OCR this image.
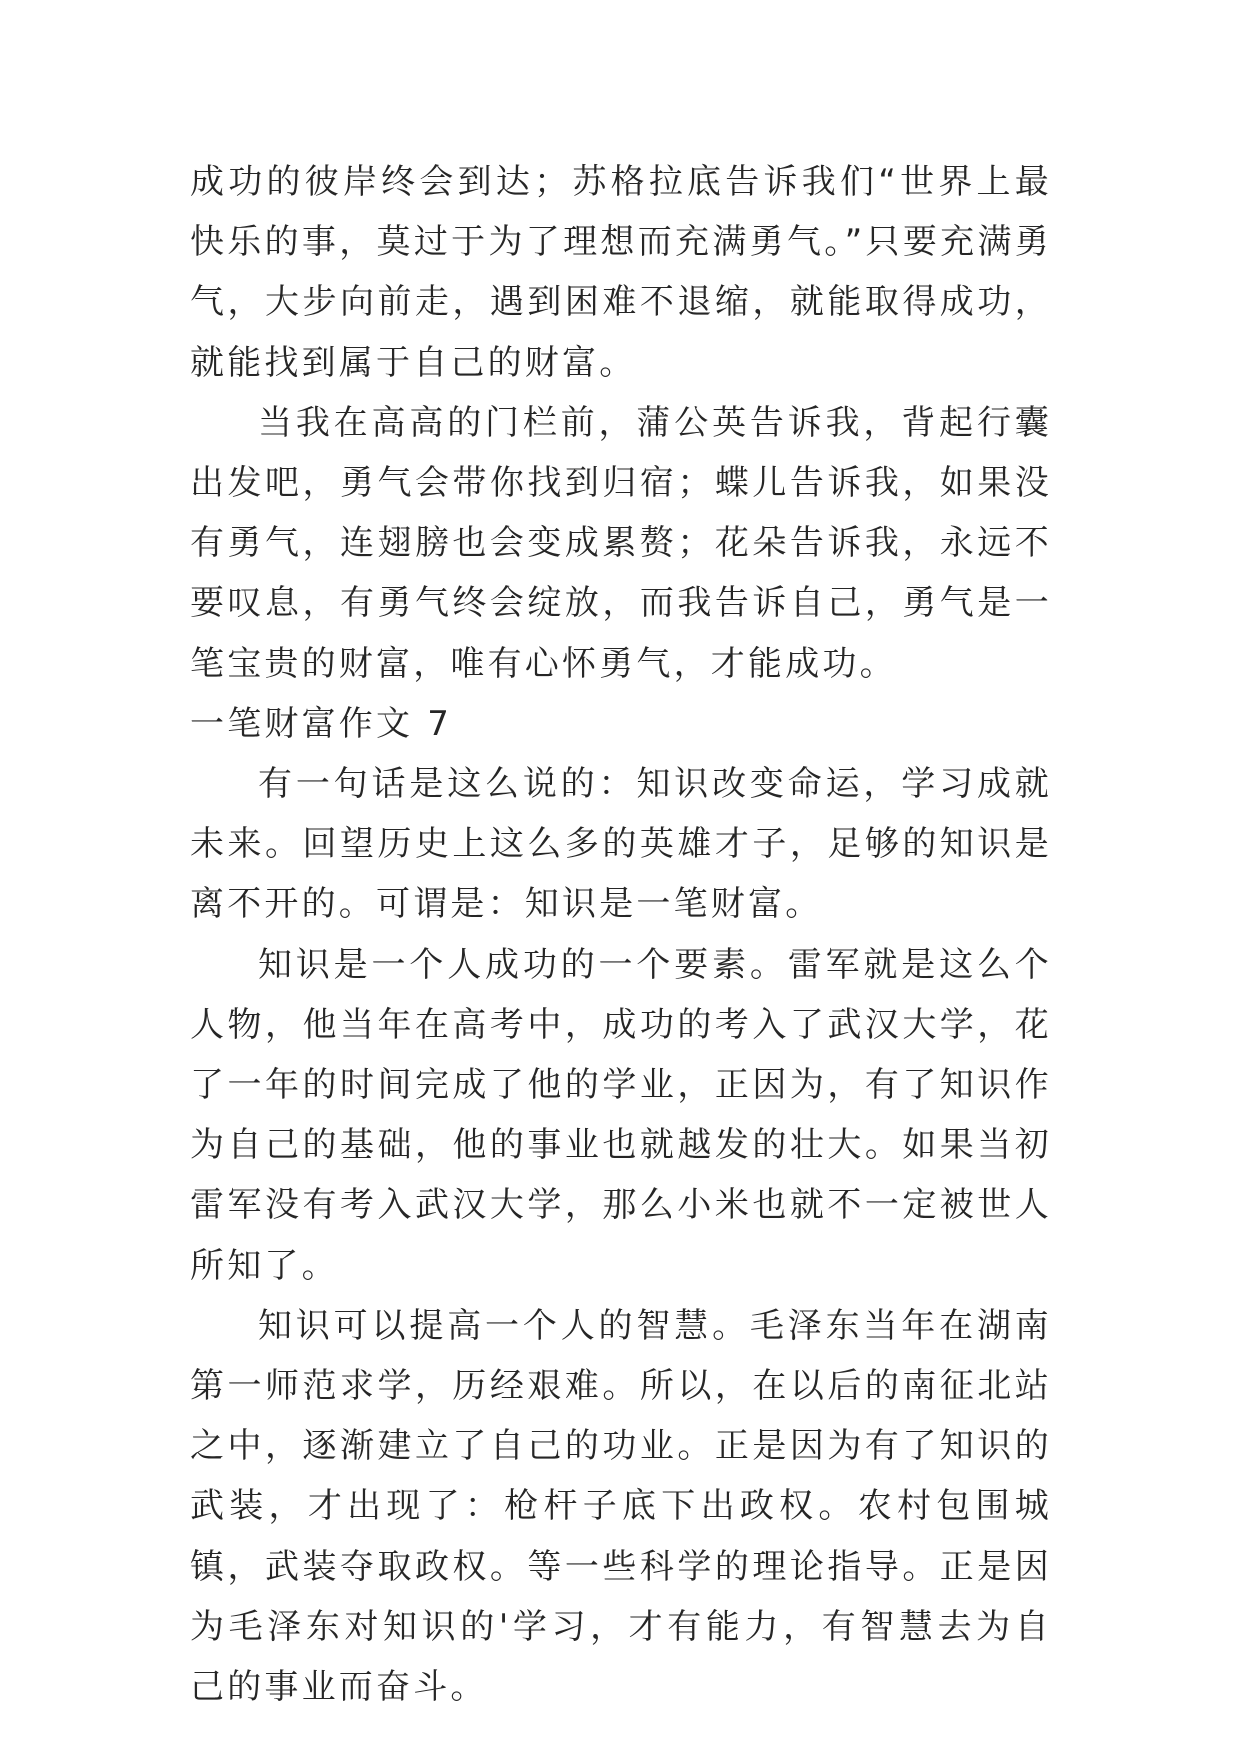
成功的彼岸终会到达；苏格拉底告诉我们“世界上最快乐的事，莫过于为了理想而充满勇气。”只要充满勇气，大步向前走，遇到困难不退缩，就能取得成功，就能找到属于自己的财富。

当我在高高的门栏前，蒲公英告诉我，背起行囊出发吧，勇气会带你找到归宿；蝶儿告诉我，如果没有勇气，连翅膀也会变成累赘；花朵告诉我，永远不要叹息，有勇气终会绽放，而我告诉自己，勇气是一笔宝贵的财富，唯有心怀勇气，才能成功。

一笔财富作文 7

有一句话是这么说的：知识改变命运，学习成就未来。回望历史上这么多的英雄才子，足够的知识是离不开的。可谓是：知识是一笔财富。

知识是一个人成功的一个要素。雷军就是这么个人物，他当年在高考中，成功的考入了武汉大学，花了一年的时间完成了他的学业，正因为，有了知识作为自己的基础，他的事业也就越发的壮大。如果当初雷军没有考入武汉大学，那么小米也就不一定被世人所知了。

知识可以提高一个人的智慧。毛泽东当年在湖南第一师范求学，历经艰难。所以，在以后的南征北站之中，逐渐建立了自己的功业。正是因为有了知识的武装，才出现了：枪杆子底下出政权。农村包围城镇，武装夺取政权。等一些科学的理论指导。正是因为毛泽东对知识的'学习，才有能力，有智慧去为自己的事业而奋斗。
